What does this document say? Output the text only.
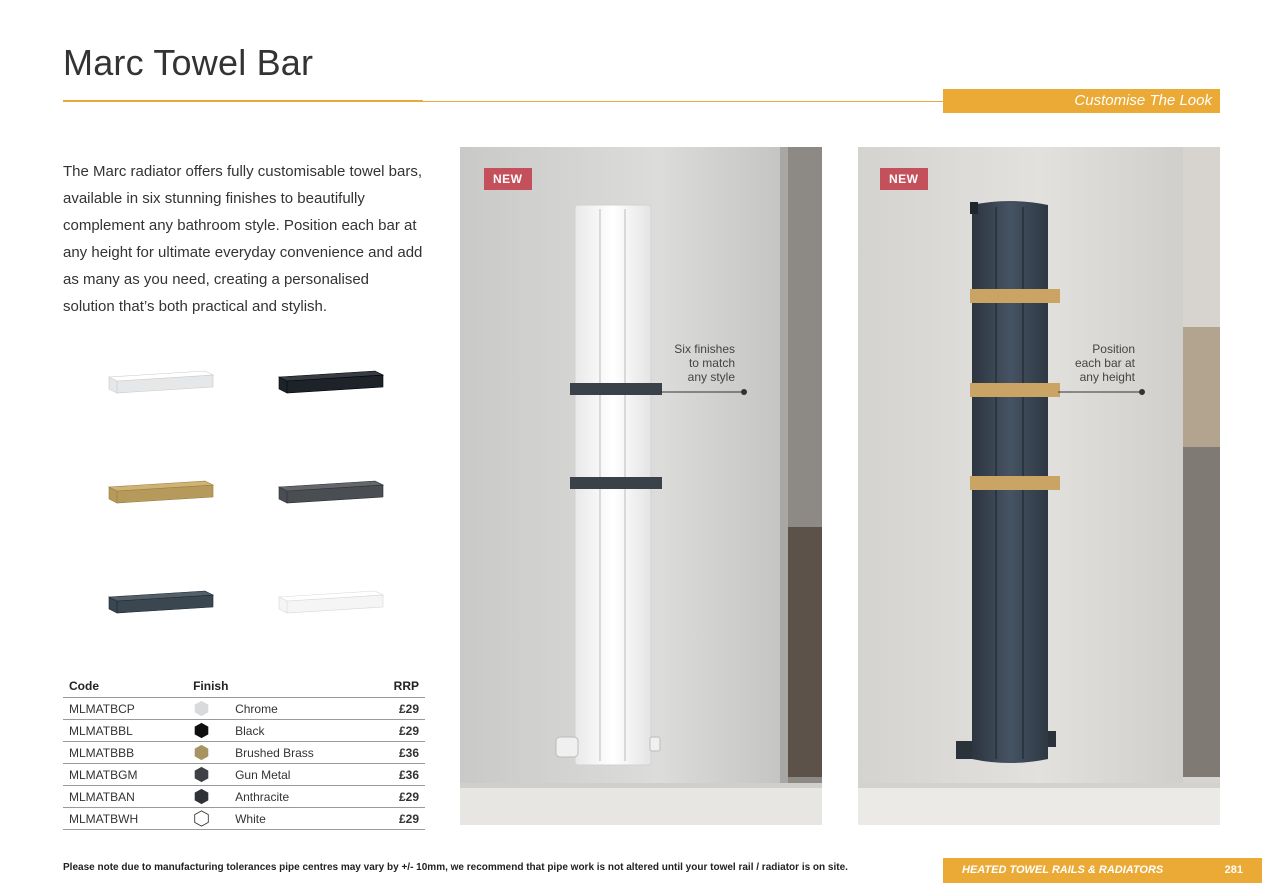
Marc Towel Bar
Customise The Look

The Marc radiator offers fully customisable towel bars, available in six stunning finishes to beautifully complement any bathroom style. Position each bar at any height for ultimate everyday convenience and add as many as you need, creating a personalised solution that’s both practical and stylish.

Code	Finish		RRP
MLMATBCP		Chrome	£29
MLMATBBL		Black	£29
MLMATBBB		Brushed Brass	£36
MLMATBGM		Gun Metal	£36
MLMATBAN		Anthracite	£29
MLMATBWH		White	£29
NEW
Six finishes
to match
any style
NEW
Position
each bar at
any height
Please note due to manufacturing tolerances pipe centres may vary by +/- 10mm, we recommend that pipe work is not altered until your towel rail / radiator is on site.	HEATED TOWEL RAILS & RADIATORS	281
